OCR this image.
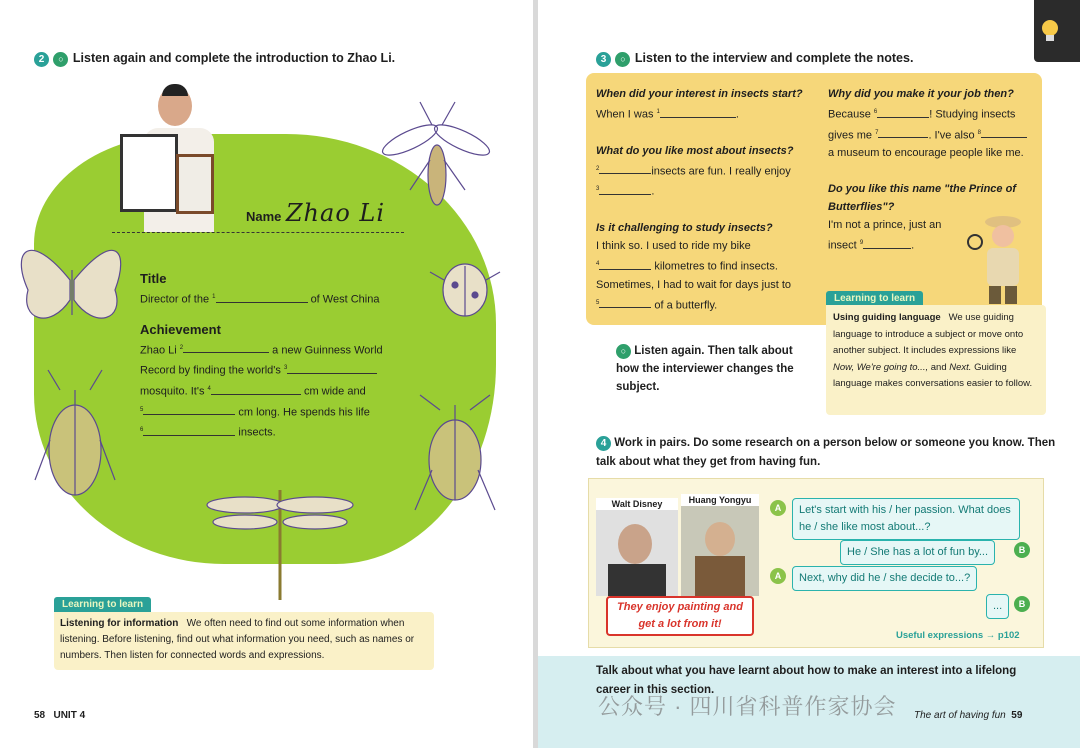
2 ○ Listen again and complete the introduction to Zhao Li.
Name Zhao Li
Title
Director of the $^1$	of West China
Achievement
Zhao Li $^2$	a new Guinness World
Record by finding the world's $^3$
mosquito. It's $^4$	cm wide and
$^5$	cm long. He spends his life
$^6$	insects.
Learning to learn
Listening for information We often need to find out some information when listening. Before listening, find out what information you need, such as names or numbers. Then listen for connected words and expressions.
58 UNIT 4
3 ○ Listen to the interview and complete the notes.
When did your interest in insects start?
When I was $^1$	.
What do you like most about insects?
$^2$	insects are fun. I really enjoy
$^3$	.
Is it challenging to study insects?
I think so. I used to ride my bike
$^4$	kilometres to find insects.
Sometimes, I had to wait for days just to
$^5$	of a butterfly.
Why did you make it your job then?
Because $^6$	! Studying insects
gives me $^7$	. I've also $^8$
a museum to encourage people like me.
Do you like this name "the Prince of Butterflies"?
I'm not a prince, just an
insect $^9$	.
Learning to learn
Using guiding language We use guiding language to introduce a subject or move onto another subject. It includes expressions like Now, We're going to..., and Next. Guiding language makes conversations easier to follow.
○ Listen again. Then talk about how the interviewer changes the subject.
4 Work in pairs. Do some research on a person below or someone you know. Then talk about what they get from having fun.
Walt Disney	Huang Yongyu
They enjoy painting and get a lot from it!
A	Let's start with his / her passion. What does he / she like most about...?
He / She has a lot of fun by...	B
A	Next, why did he / she decide to...?
...	B
Useful expressions → p102
Talk about what you have learnt about how to make an interest into a lifelong career in this section.
The art of having fun 59
公众号 · 四川省科普作家协会
